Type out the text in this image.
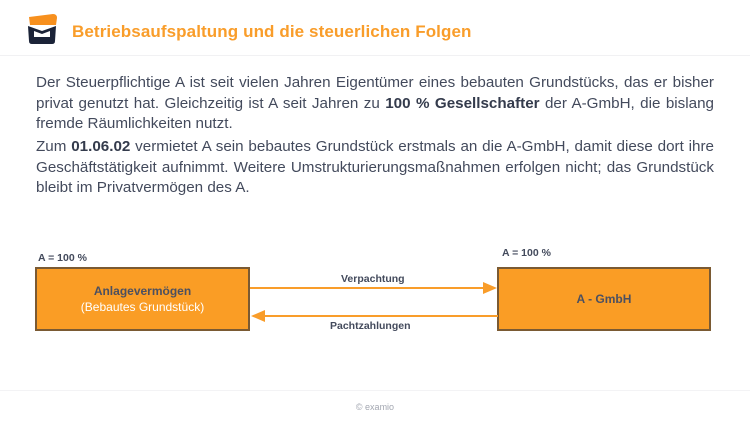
Betriebsaufspaltung und die steuerlichen Folgen
Der Steuerpflichtige A ist seit vielen Jahren Eigentümer eines bebauten Grundstücks, das er bisher privat genutzt hat. Gleichzeitig ist A seit Jahren zu 100 % Gesellschafter der A-GmbH, die bislang fremde Räumlichkeiten nutzt.
Zum 01.06.02 vermietet A sein bebautes Grundstück erstmals an die A-GmbH, damit diese dort ihre Geschäftstätigkeit aufnimmt. Weitere Umstrukturierungsmaßnahmen erfolgen nicht; das Grundstück bleibt im Privatvermögen des A.
A = 100 %	A = 100 %
Anlagevermögen
(Bebautes Grundstück)
A - GmbH
Verpachtung
Pachtzahlungen
© examio
